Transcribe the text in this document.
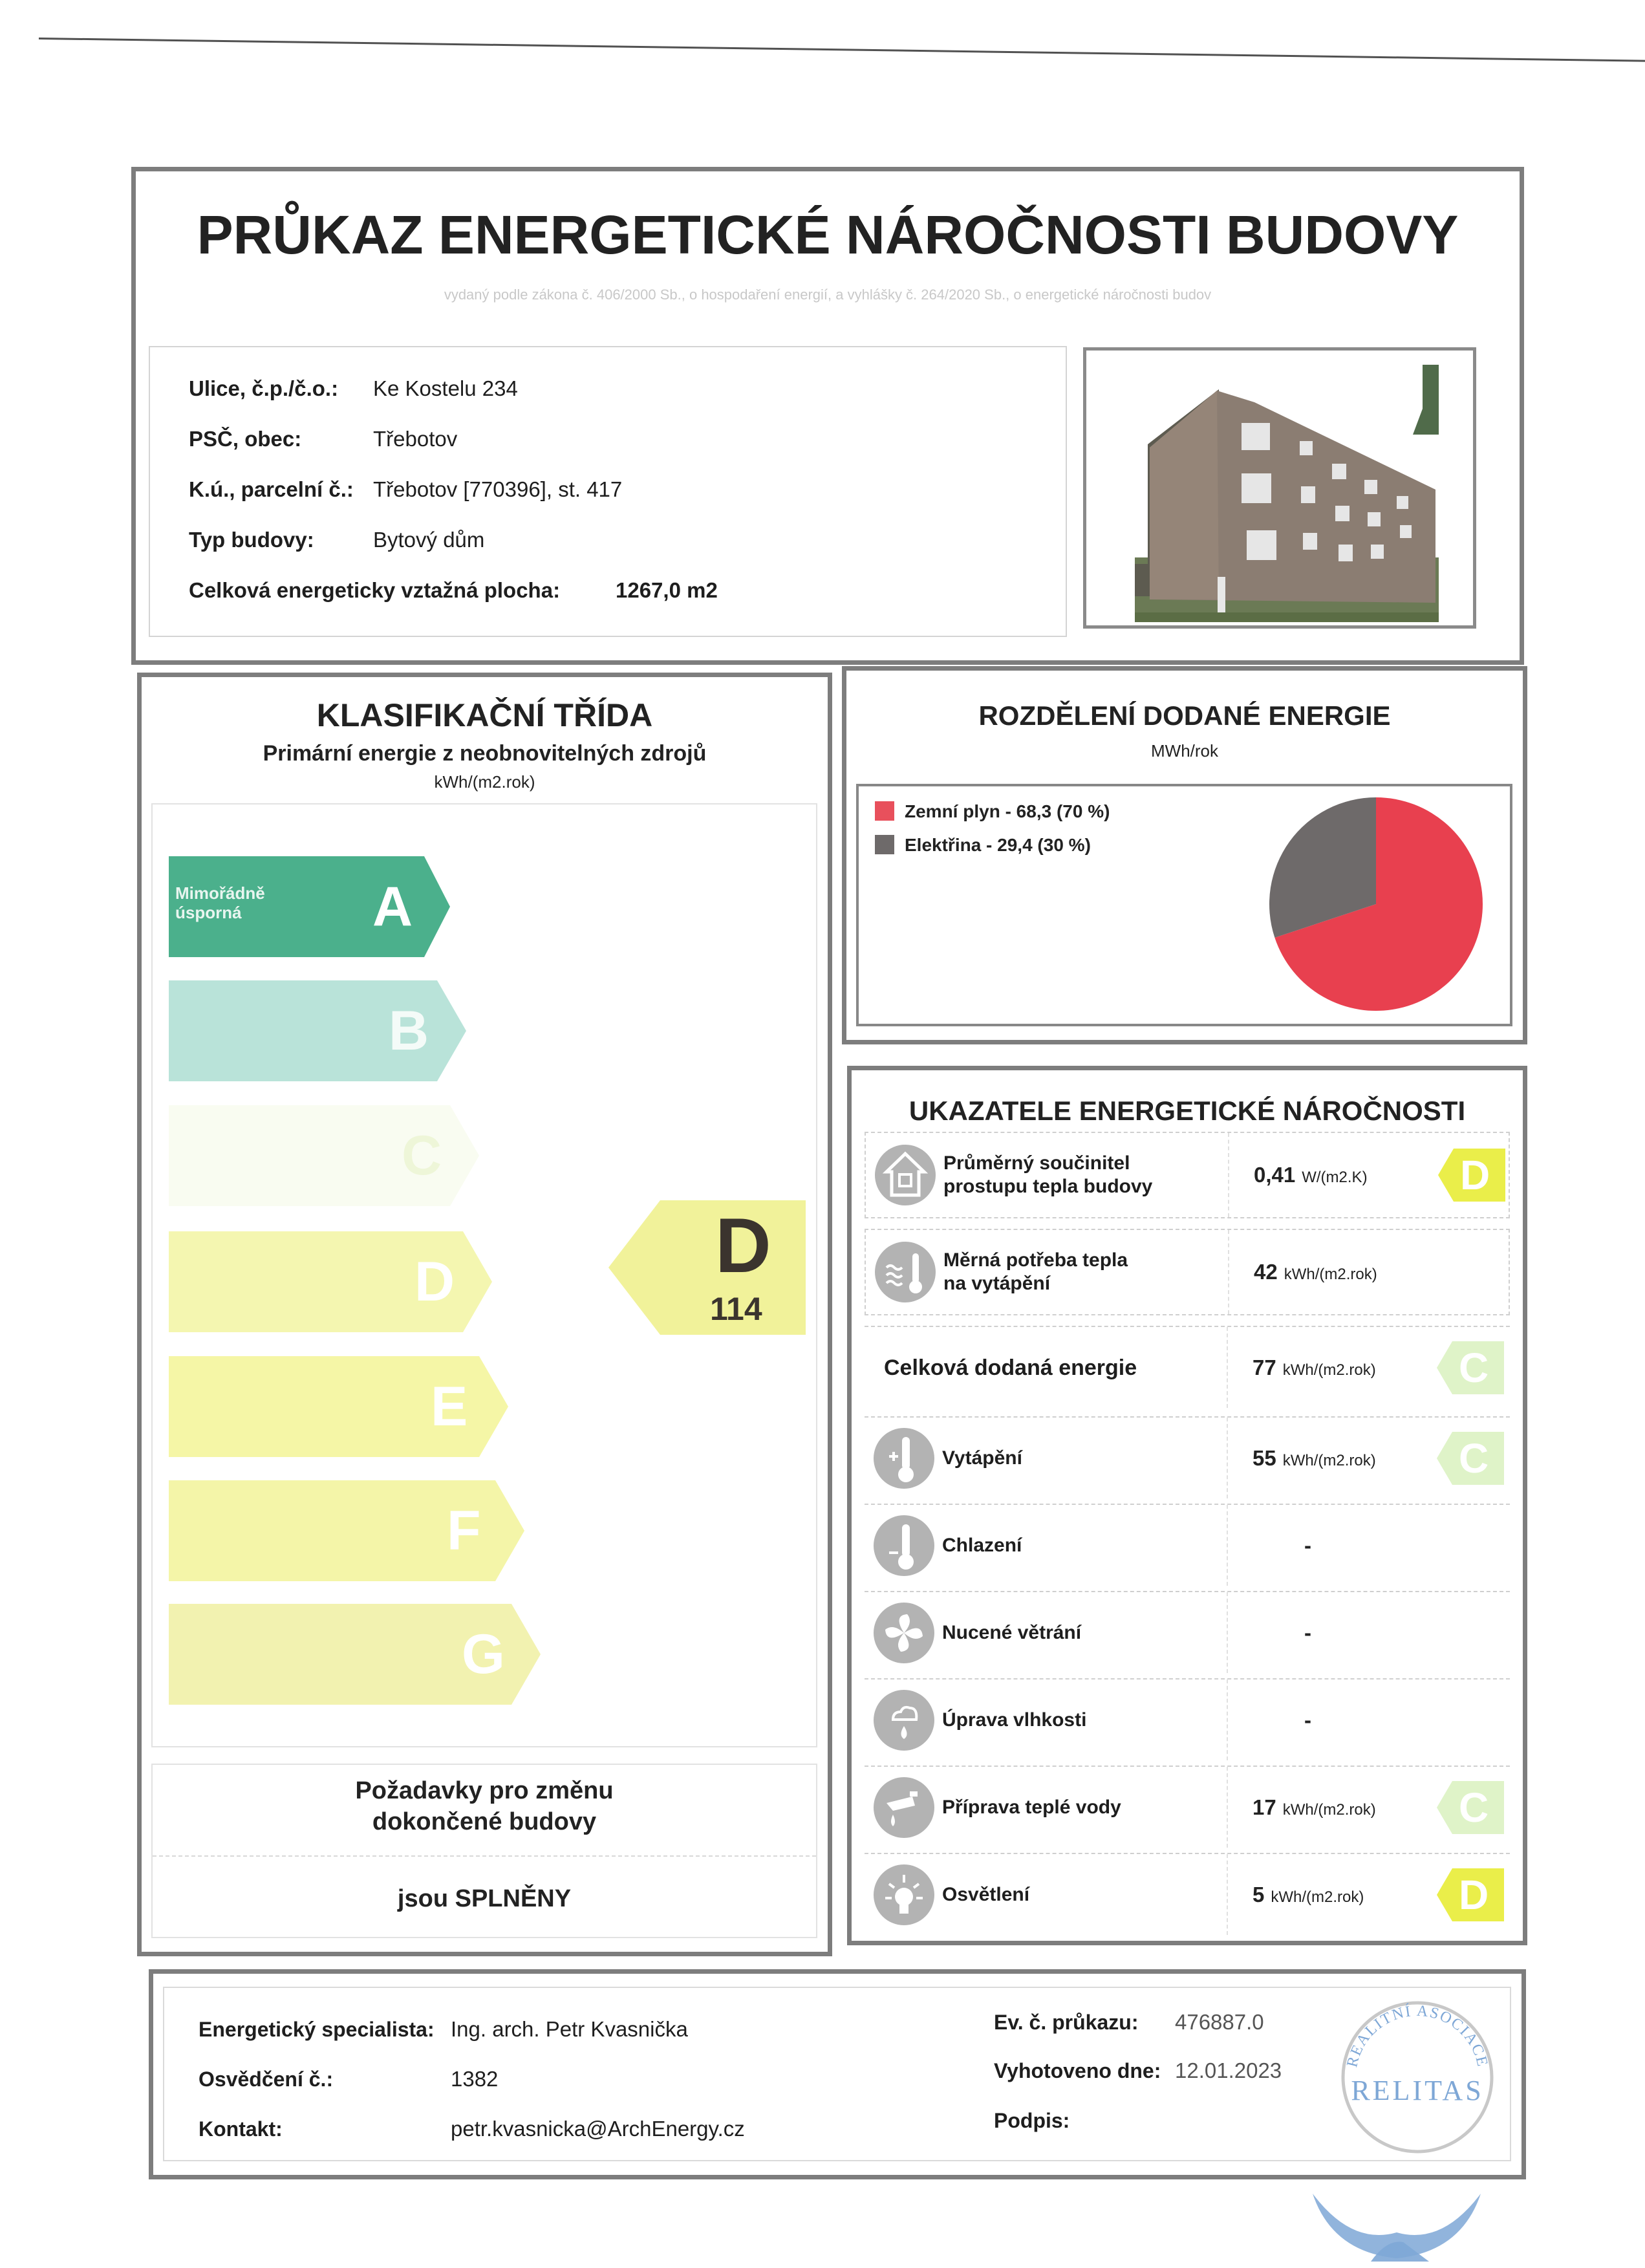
PRŮKAZ ENERGETICKÉ NÁROČNOSTI BUDOVY
vydaný podle zákona č. 406/2000 Sb., o hospodaření energií, a vyhlášky č. 264/2020 Sb., o energetické náročnosti budov
Ulice, č.p./č.o.: Ke Kostelu 234
PSČ, obec:	Třebotov
K.ú., parcelní č.: Třebotov [770396], st. 417
Typ budovy:	Bytový dům
Celková energeticky vztažná plocha:	1267,0 m2
KLASIFIKAČNÍ TŘÍDA
Primární energie z neobnovitelných zdrojů
kWh/(m2.rok)
Mimořádně
úsporná	A
B
C
D
E
F
G
D
114
Požadavky pro změnu
dokončené budovy
jsou SPLNĚNY
ROZDĚLENÍ DODANÉ ENERGIE
MWh/rok
Zemní plyn - 68,3 (70 %)
Elektřina - 29,4 (30 %)
UKAZATELE ENERGETICKÉ NÁROČNOSTI
Průměrný součinitel
prostupu tepla budovy	0,41 W/(m2.K) D
Měrná potřeba tepla
na vytápění	42 kWh/(m2.rok)
Celková dodaná energie	77 kWh/(m2.rok) C
Vytápění	55 kWh/(m2.rok) C
Chlazení	-
Nucené větrání	-
Úprava vlhkosti	-
Příprava teplé vody	17 kWh/(m2.rok) C
Osvětlení	5 kWh/(m2.rok) D
Energetický specialista: Ing. arch. Petr Kvasnička
Osvědčení č.:	1382
Kontakt:	petr.kvasnicka@ArchEnergy.cz
Ev. č. průkazu: 476887.0
Vyhotoveno dne: 12.01.2023
Podpis:
REALITNÍ ASOCIACE
RELITAS
